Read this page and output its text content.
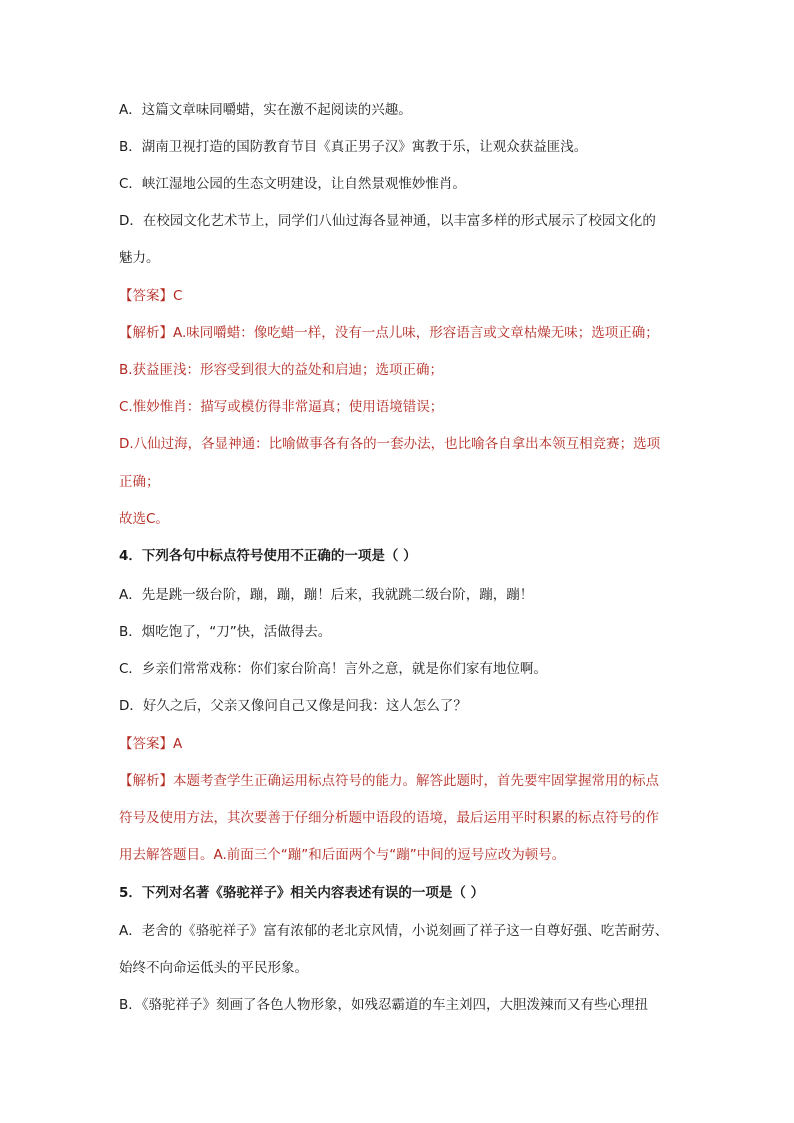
A．这篇文章味同嚼蜡，实在激不起阅读的兴趣。
B．湖南卫视打造的国防教育节目《真正男子汉》寓教于乐，让观众获益匪浅。
C．峡江湿地公园的生态文明建设，让自然景观惟妙惟肖。
D．在校园文化艺术节上，同学们八仙过海各显神通，以丰富多样的形式展示了校园文化的
魅力。
【答案】C
【解析】A.味同嚼蜡：像吃蜡一样，没有一点儿味，形容语言或文章枯燥无味；选项正确；
B.获益匪浅：形容受到很大的益处和启迪；选项正确；
C.惟妙惟肖：描写或模仿得非常逼真；使用语境错误；
D.八仙过海，各显神通：比喻做事各有各的一套办法，也比喻各自拿出本领互相竞赛；选项
正确；
故选C。
4．下列各句中标点符号使用不正确的一项是（ ）
A．先是跳一级台阶，蹦，蹦，蹦！后来，我就跳二级台阶，蹦，蹦！
B．烟吃饱了，“刀”快，活做得去。
C．乡亲们常常戏称：你们家台阶高！言外之意，就是你们家有地位啊。
D．好久之后，父亲又像问自己又像是问我：这人怎么了？
【答案】A
【解析】本题考查学生正确运用标点符号的能力。解答此题时，首先要牢固掌握常用的标点
符号及使用方法，其次要善于仔细分析题中语段的语境，最后运用平时积累的标点符号的作
用去解答题目。A.前面三个“蹦”和后面两个与“蹦”中间的逗号应改为顿号。
5．下列对名著《骆驼祥子》相关内容表述有误的一项是（ ）
A．老舍的《骆驼祥子》富有浓郁的老北京风情，小说刻画了祥子这一自尊好强、吃苦耐劳、
始终不向命运低头的平民形象。
B．《骆驼祥子》刻画了各色人物形象，如残忍霸道的车主刘四，大胆泼辣而又有些心理扭
